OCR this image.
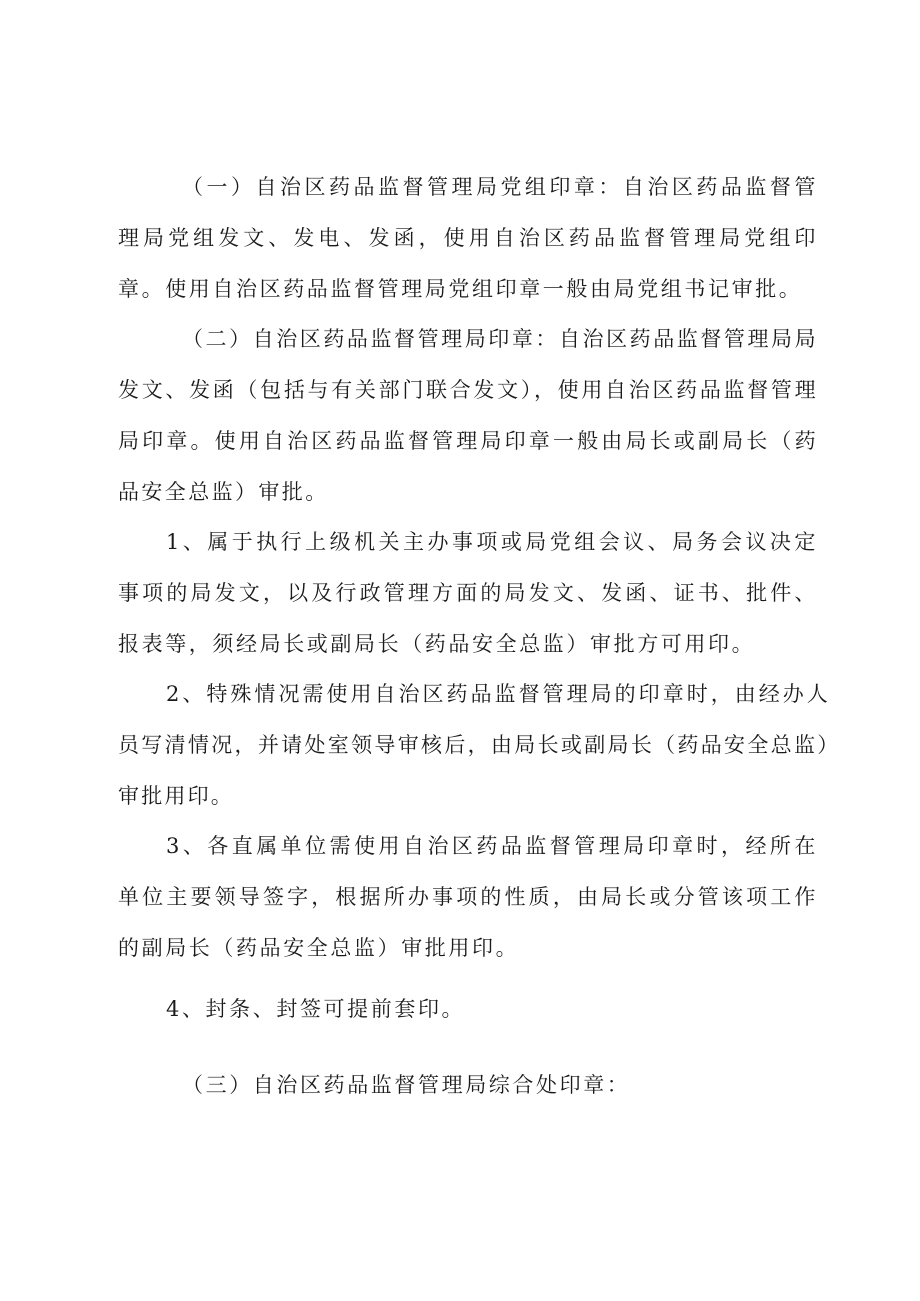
（一）自治区药品监督管理局党组印章：自治区药品监督管理局党组发文、发电、发函，使用自治区药品监督管理局党组印章。使用自治区药品监督管理局党组印章一般由局党组书记审批。

（二）自治区药品监督管理局印章：自治区药品监督管理局局发文、发函（包括与有关部门联合发文），使用自治区药品监督管理局印章。使用自治区药品监督管理局印章一般由局长或副局长（药品安全总监）审批。

1、属于执行上级机关主办事项或局党组会议、局务会议决定事项的局发文，以及行政管理方面的局发文、发函、证书、批件、报表等，须经局长或副局长（药品安全总监）审批方可用印。

2、特殊情况需使用自治区药品监督管理局的印章时，由经办人员写清情况，并请处室领导审核后，由局长或副局长（药品安全总监）审批用印。

3、各直属单位需使用自治区药品监督管理局印章时，经所在单位主要领导签字，根据所办事项的性质，由局长或分管该项工作的副局长（药品安全总监）审批用印。

4、封条、封签可提前套印。

（三）自治区药品监督管理局综合处印章：
